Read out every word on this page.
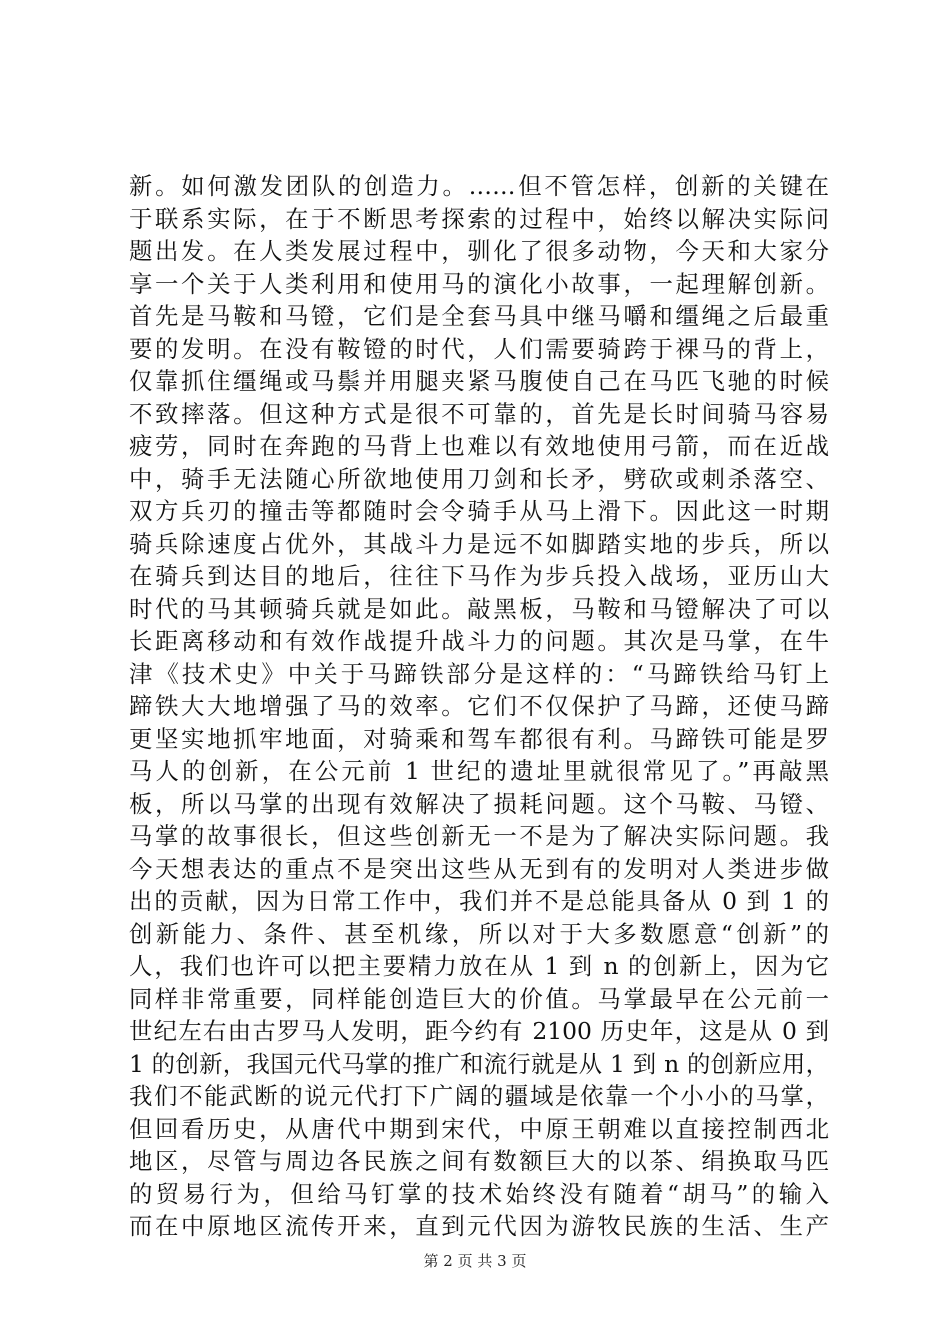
新。如何激发团队的创造力。……但不管怎样，创新的关键在
于联系实际，在于不断思考探索的过程中，始终以解决实际问
题出发。在人类发展过程中，驯化了很多动物，今天和大家分
享一个关于人类利用和使用马的演化小故事，一起理解创新。
首先是马鞍和马镫，它们是全套马具中继马嚼和缰绳之后最重
要的发明。在没有鞍镫的时代，人们需要骑跨于裸马的背上，
仅靠抓住缰绳或马鬃并用腿夹紧马腹使自己在马匹飞驰的时候
不致摔落。但这种方式是很不可靠的，首先是长时间骑马容易
疲劳，同时在奔跑的马背上也难以有效地使用弓箭，而在近战
中，骑手无法随心所欲地使用刀剑和长矛，劈砍或刺杀落空、
双方兵刃的撞击等都随时会令骑手从马上滑下。因此这一时期
骑兵除速度占优外，其战斗力是远不如脚踏实地的步兵，所以
在骑兵到达目的地后，往往下马作为步兵投入战场，亚历山大
时代的马其顿骑兵就是如此。敲黑板，马鞍和马镫解决了可以
长距离移动和有效作战提升战斗力的问题。其次是马掌，在牛
津《技术史》中关于马蹄铁部分是这样的：“马蹄铁给马钉上
蹄铁大大地增强了马的效率。它们不仅保护了马蹄，还使马蹄
更坚实地抓牢地面，对骑乘和驾车都很有利。马蹄铁可能是罗
马人的创新，在公元前 1 世纪的遗址里就很常见了。”再敲黑
板，所以马掌的出现有效解决了损耗问题。这个马鞍、马镫、
马掌的故事很长，但这些创新无一不是为了解决实际问题。我
今天想表达的重点不是突出这些从无到有的发明对人类进步做
出的贡献，因为日常工作中，我们并不是总能具备从 0 到 1 的
创新能力、条件、甚至机缘，所以对于大多数愿意“创新”的
人，我们也许可以把主要精力放在从 1 到 n 的创新上，因为它
同样非常重要，同样能创造巨大的价值。马掌最早在公元前一
世纪左右由古罗马人发明，距今约有 2100 历史年，这是从 0 到
1 的创新，我国元代马掌的推广和流行就是从 1 到 n 的创新应用，
我们不能武断的说元代打下广阔的疆域是依靠一个小小的马掌，
但回看历史，从唐代中期到宋代，中原王朝难以直接控制西北
地区，尽管与周边各民族之间有数额巨大的以茶、绢换取马匹
的贸易行为，但给马钉掌的技术始终没有随着“胡马”的输入
而在中原地区流传开来，直到元代因为游牧民族的生活、生产
第 2 页 共 3 页
